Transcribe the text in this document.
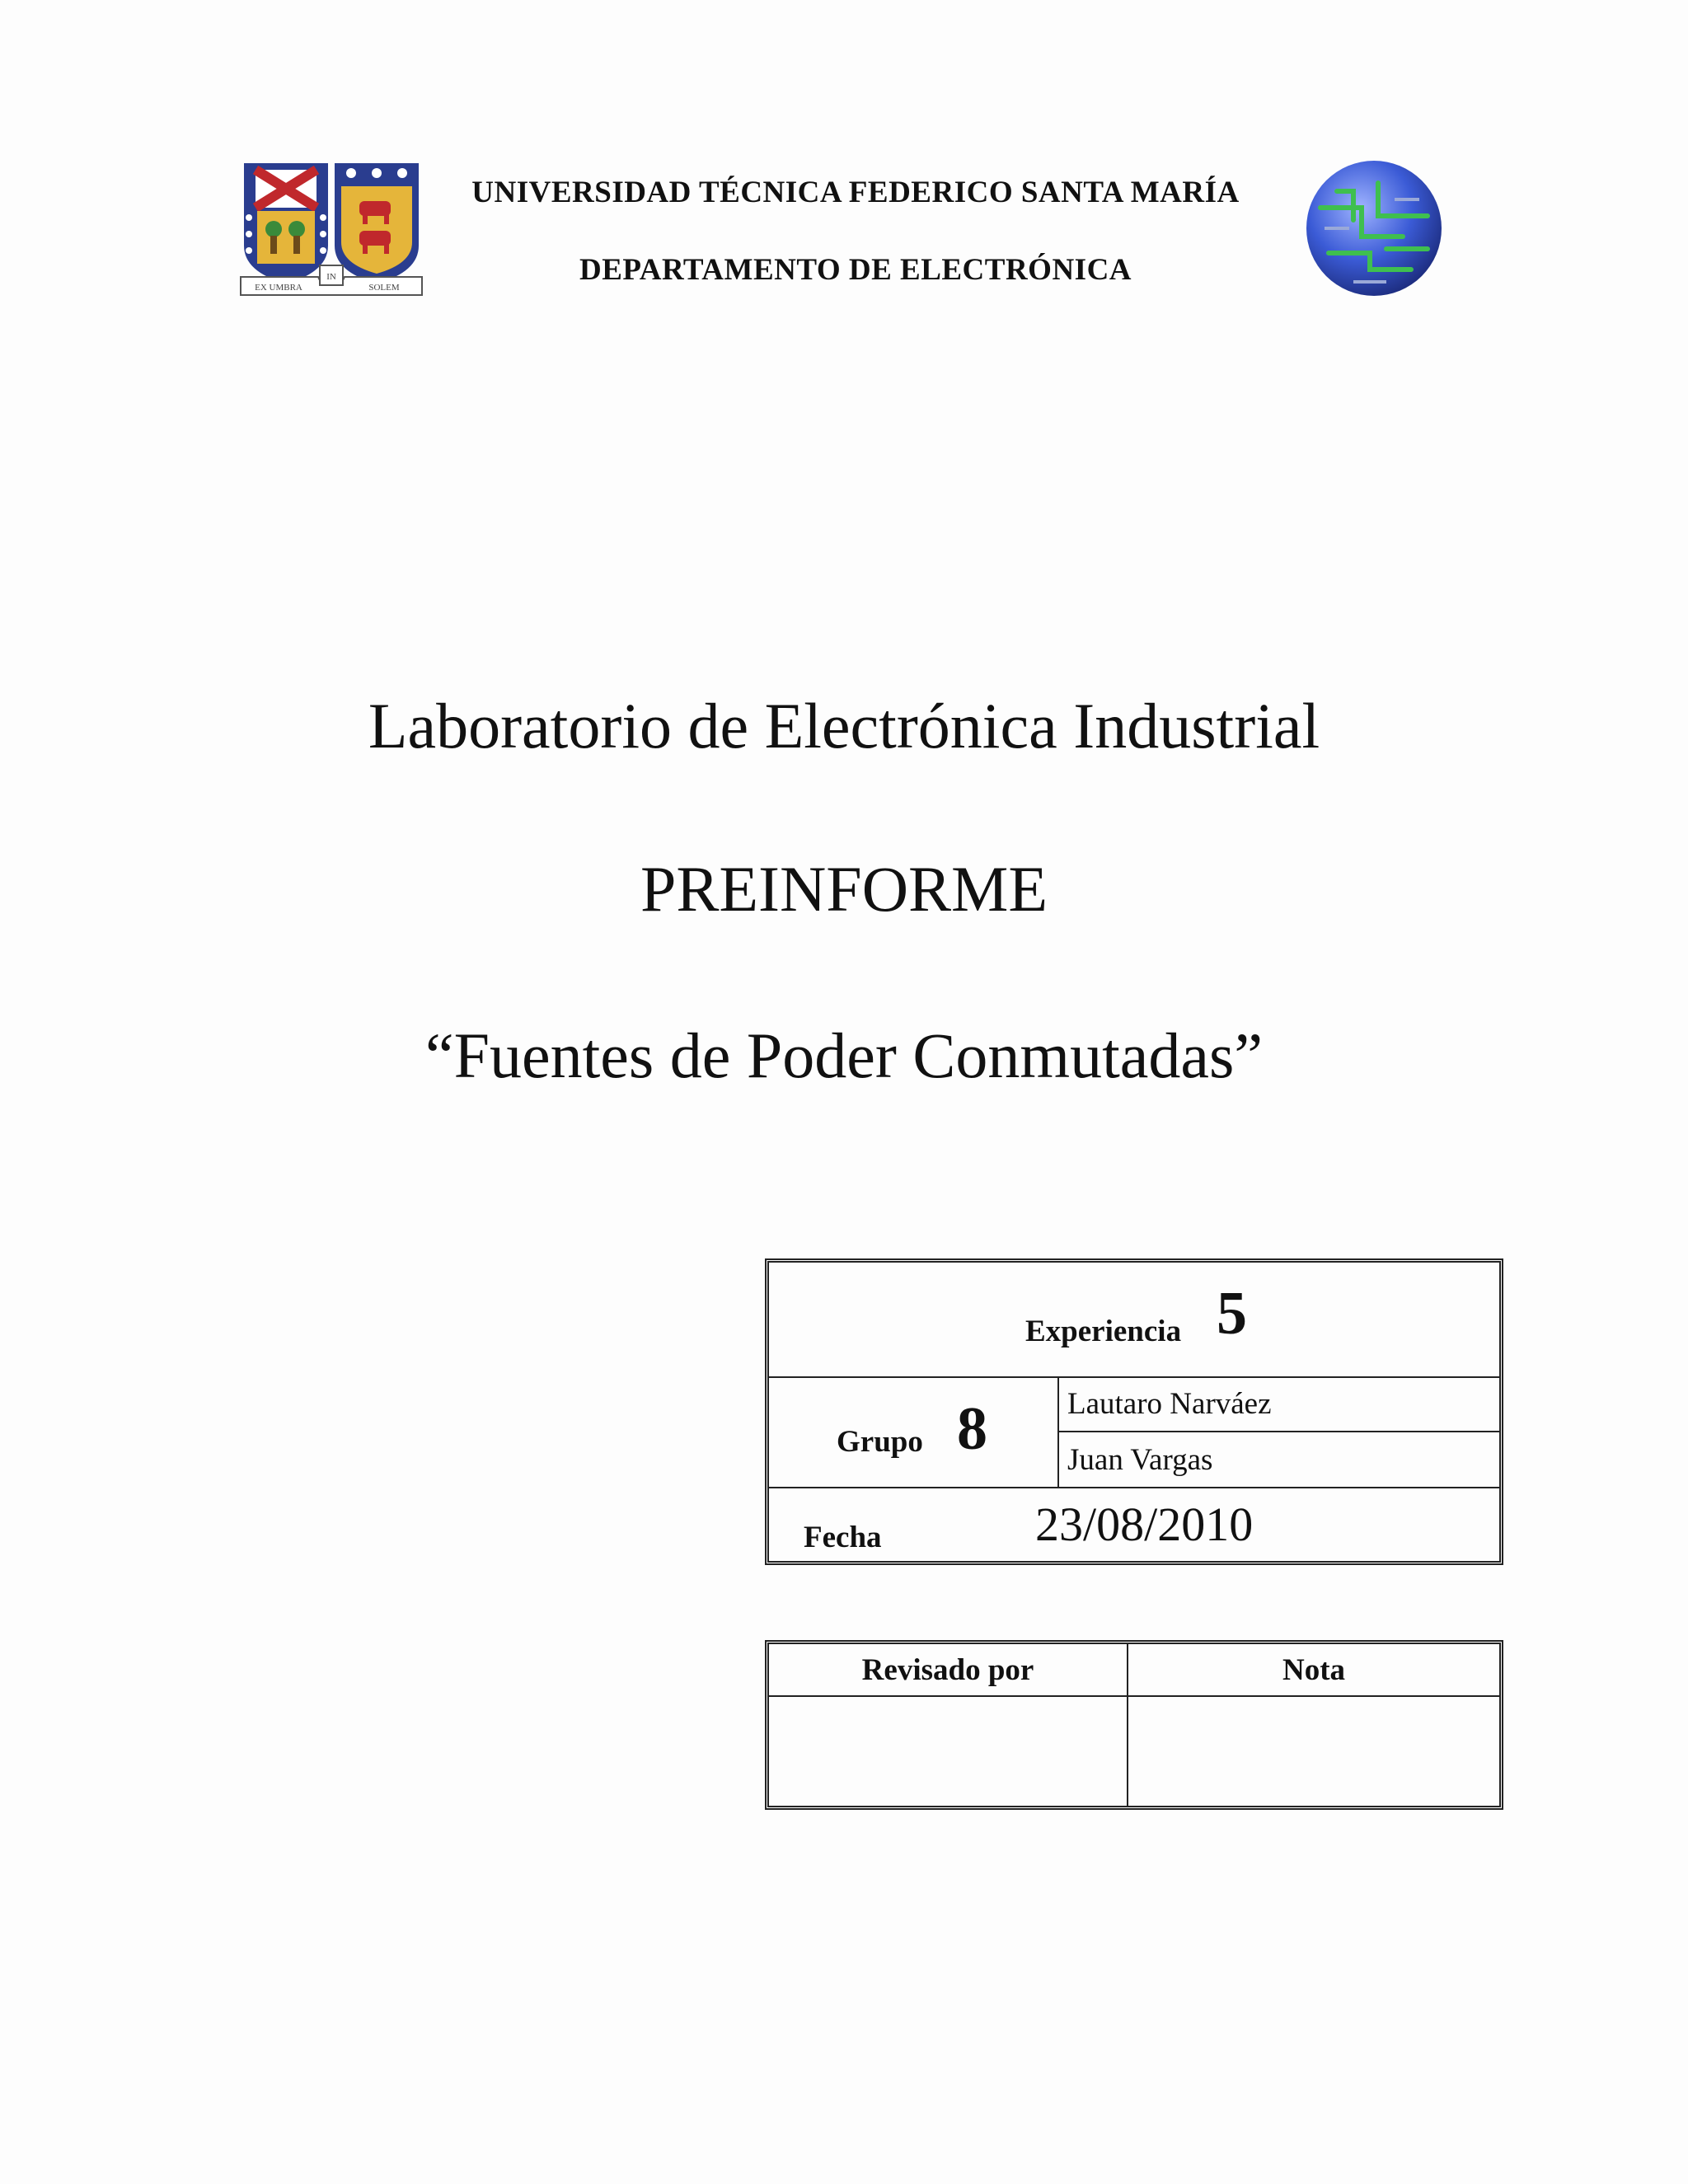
EX UMBRA
IN
SOLEM
UNIVERSIDAD TÉCNICA FEDERICO SANTA MARÍA
DEPARTAMENTO DE ELECTRÓNICA
Laboratorio de Electrónica Industrial
PREINFORME
“Fuentes de Poder Conmutadas”
Experiencia 5
Grupo 8	Lautaro Narváez
Juan Vargas
Fecha	23/08/2010
Revisado por	Nota
